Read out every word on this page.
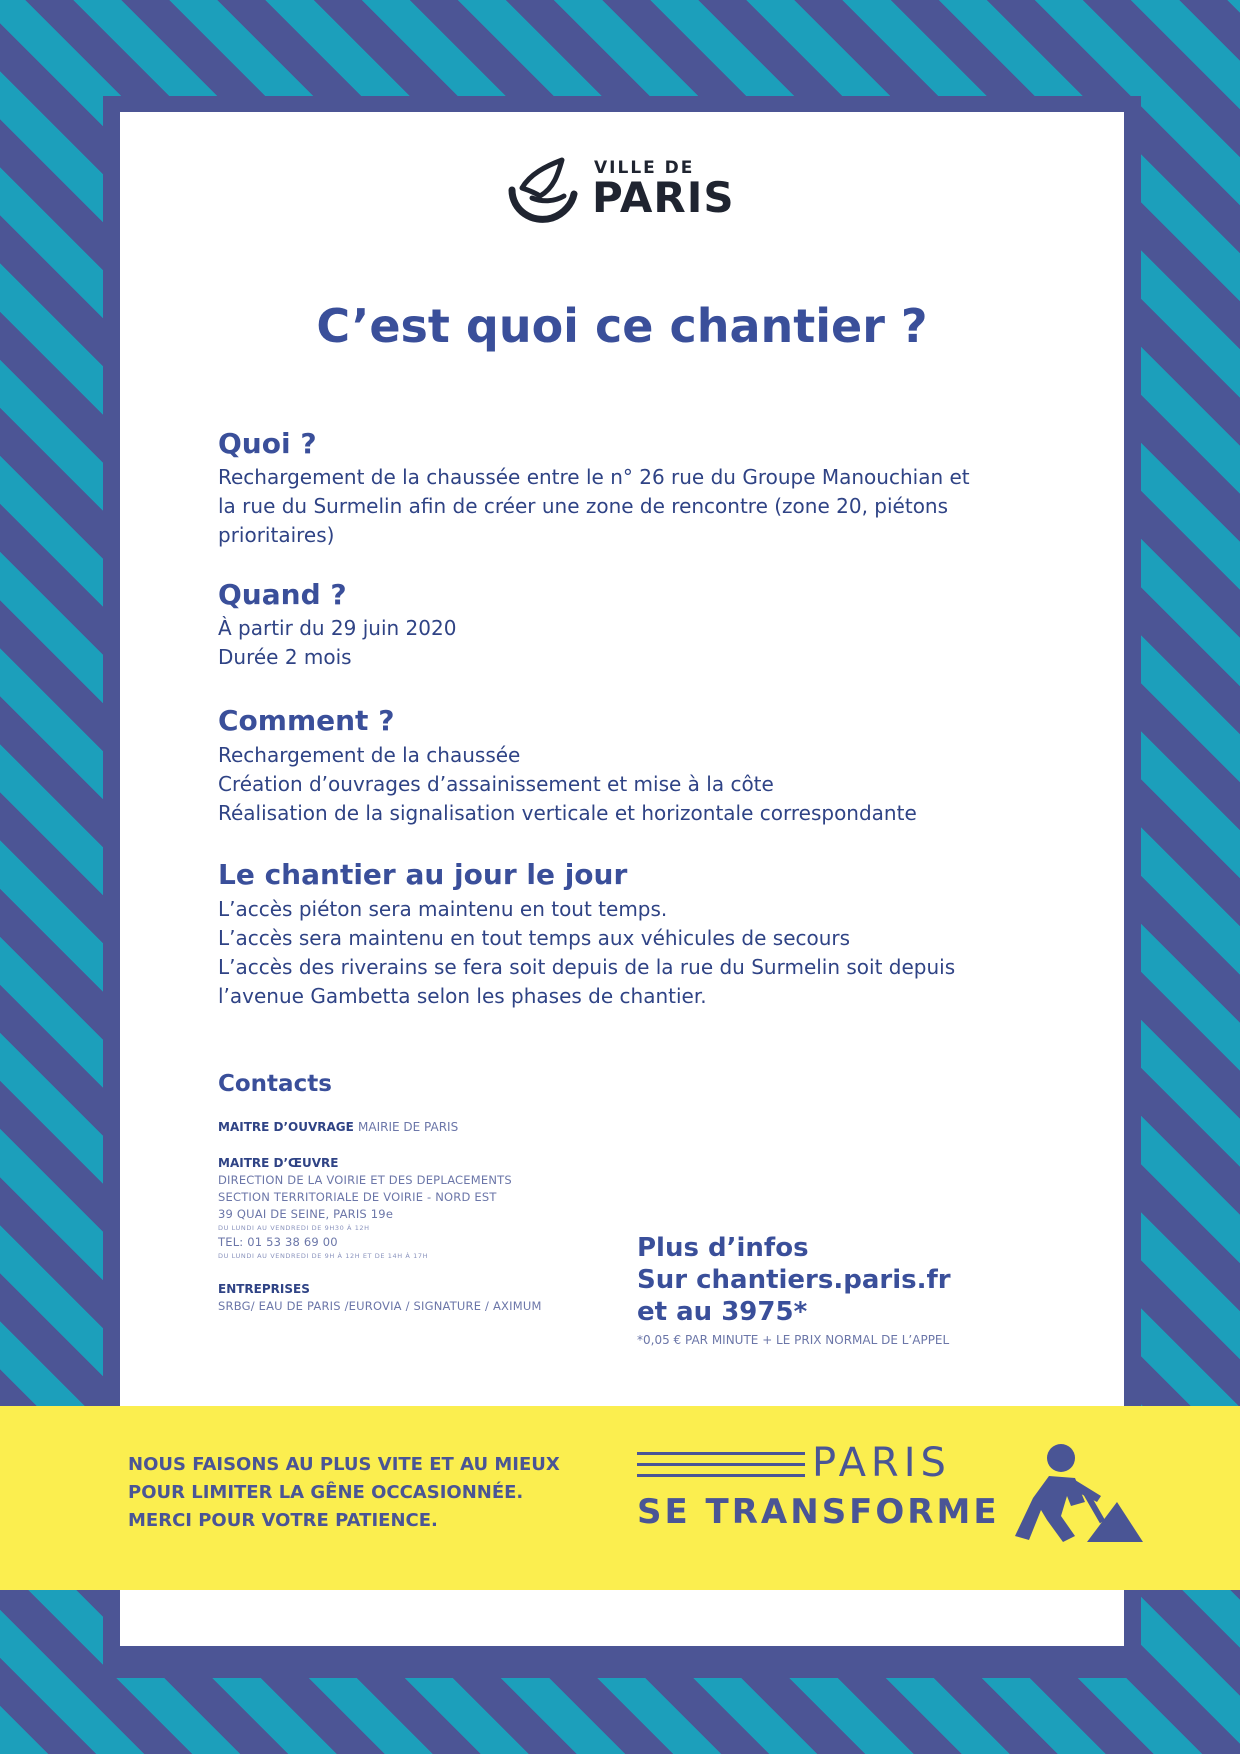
VILLE DE
PARIS
C’est quoi ce chantier ?
Quoi ?
Rechargement de la chaussée entre le n° 26 rue du Groupe Manouchian et
la rue du Surmelin afin de créer une zone de rencontre (zone 20, piétons
prioritaires)
Quand ?
À partir du 29 juin 2020
Durée 2 mois
Comment ?
Rechargement de la chaussée
Création d’ouvrages d’assainissement et mise à la côte
Réalisation de la signalisation verticale et horizontale correspondante
Le chantier au jour le jour
L’accès piéton sera maintenu en tout temps.
L’accès sera maintenu en tout temps aux véhicules de secours
L’accès des riverains se fera soit depuis de la rue du Surmelin soit depuis
l’avenue Gambetta selon les phases de chantier.
Contacts
MAITRE D’OUVRAGE MAIRIE DE PARIS
MAITRE D’ŒUVRE
DIRECTION DE LA VOIRIE ET DES DEPLACEMENTS
SECTION TERRITORIALE DE VOIRIE - NORD EST
39 QUAI DE SEINE, PARIS 19e
DU LUNDI AU VENDREDI DE 9H30 À 12H
TEL: 01 53 38 69 00
DU LUNDI AU VENDREDI DE 9H À 12H ET DE 14H À 17H
ENTREPRISES
SRBG/ EAU DE PARIS /EUROVIA / SIGNATURE / AXIMUM
Plus d’infos
Sur chantiers.paris.fr
et au 3975*
*0,05 € PAR MINUTE + LE PRIX NORMAL DE L’APPEL
NOUS FAISONS AU PLUS VITE ET AU MIEUX
POUR LIMITER LA GÊNE OCCASIONNÉE.
MERCI POUR VOTRE PATIENCE.
PARIS
SE TRANSFORME
